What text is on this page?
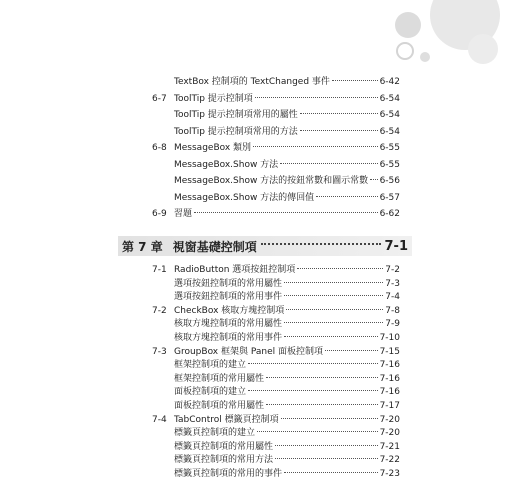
TextBox 控制項的 TextChanged 事件	6-42
6-7 ToolTip 提示控制項	6-54
ToolTip 提示控制項常用的屬性	6-54
ToolTip 提示控制項常用的方法	6-54
6-8 MessageBox 類別	6-55
MessageBox.Show 方法	6-55
MessageBox.Show 方法的按鈕常數和圖示常數 6-56
MessageBox.Show 方法的傳回值	6-57
6-9 習題	6-62
第 7 章 視窗基礎控制項	7-1
7-1 RadioButton 選項按鈕控制項	7-2
選項按鈕控制項的常用屬性	7-3
選項按鈕控制項的常用事件	7-4
7-2 CheckBox 核取方塊控制項	7-8
核取方塊控制項的常用屬性	7-9
核取方塊控制項的常用事件	7-10
7-3 GroupBox 框架與 Panel 面板控制項	7-15
框架控制項的建立	7-16
框架控制項的常用屬性	7-16
面板控制項的建立	7-16
面板控制項的常用屬性	7-17
7-4 TabControl 標籤頁控制項	7-20
標籤頁控制項的建立	7-20
標籤頁控制項的常用屬性	7-21
標籤頁控制項的常用方法	7-22
標籤頁控制項的常用的事件	7-23
